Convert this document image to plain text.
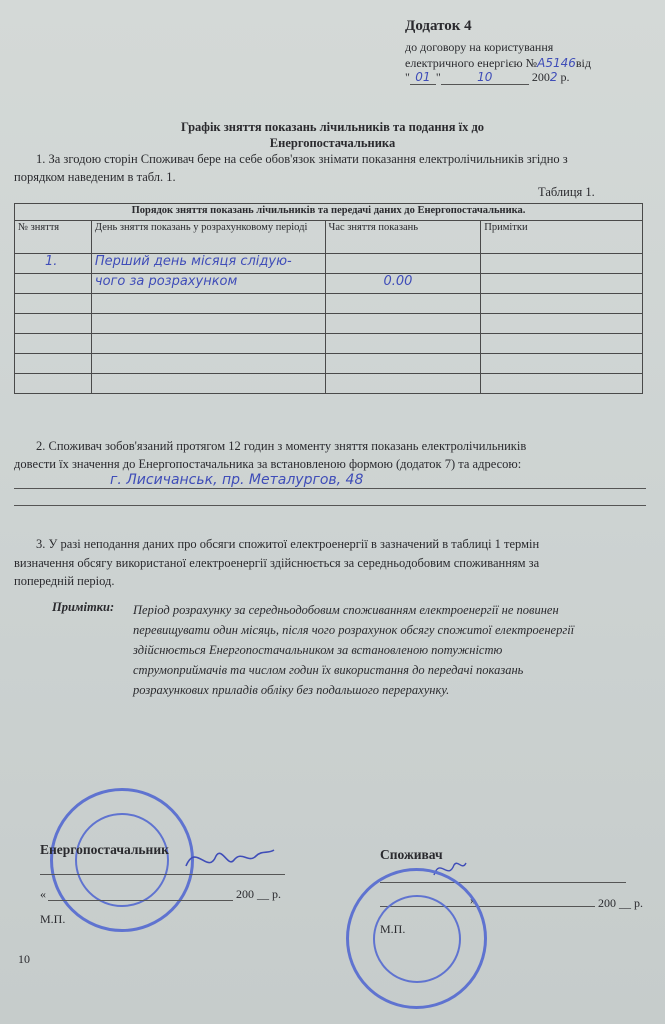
Додаток 4
до договору на користування
електричного енергією №А5146від
" 01 "	10	2002 р.
Графік зняття показань лічильників та подання їх до
Енергопостачальника
1. За згодою сторін Споживач бере на себе обов'язок знімати показання електролічильників згідно з
порядком наведеним в табл. 1.
Таблиця 1.
Порядок зняття показань лічильників та передачі даних до Енергопостачальника.			
№ зняття	День зняття показань у розрахунковому періоді	Час зняття показань	Примітки
1.	Перший день місяця слідую-		
	чого за розрахунком	0.00	

2. Споживач зобов'язаний протягом 12 годин з моменту зняття показань електролічильників
довести їх значення до Енергопостачальника за встановленою формою (додаток 7) та адресою:
г. Лисичанськ, пр. Металургов, 48
3. У разі неподання даних про обсяги спожитої електроенергії в зазначений в таблиці 1 термін
визначення обсягу використаної електроенергії здійснюється за середньодобовим споживанням за
попередній період.
Примітки: Період розрахунку за середньодобовим споживанням електроенергії не повинен
перевищувати один місяць, після чого розрахунок обсягу спожитої електроенергії
здійснюється Енергопостачальником за встановленою потужністю
струмоприймачів та числом годин їх використання до передачі показань
розрахункових приладів обліку без подальшого перерахунку.
Енергопостачальник
«	200 __ р.
М.П.
Споживач
»	200 __ р.
М.П.
10
